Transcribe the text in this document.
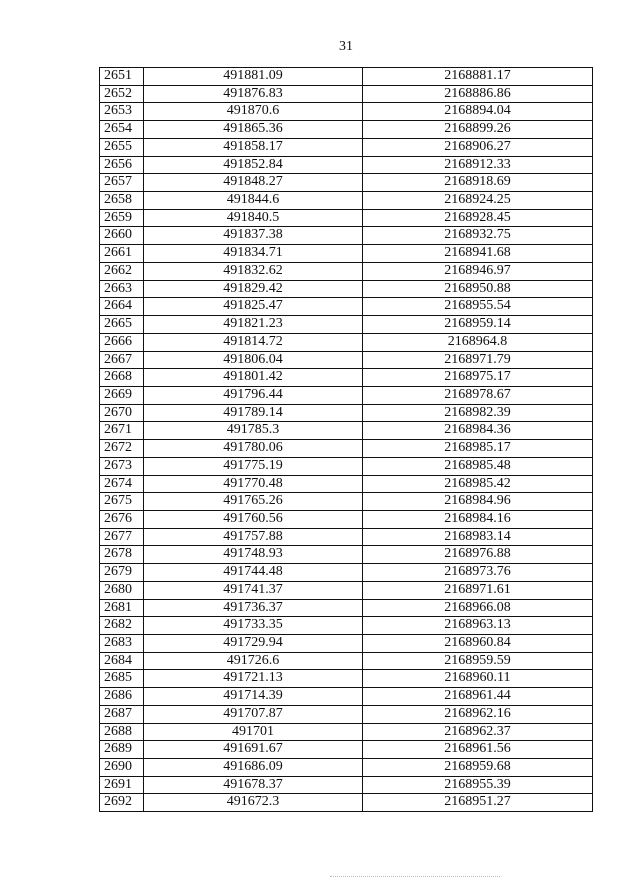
31
2651	491881.09	2168881.17
2652	491876.83	2168886.86
2653	491870.6	2168894.04
2654	491865.36	2168899.26
2655	491858.17	2168906.27
2656	491852.84	2168912.33
2657	491848.27	2168918.69
2658	491844.6	2168924.25
2659	491840.5	2168928.45
2660	491837.38	2168932.75
2661	491834.71	2168941.68
2662	491832.62	2168946.97
2663	491829.42	2168950.88
2664	491825.47	2168955.54
2665	491821.23	2168959.14
2666	491814.72	2168964.8
2667	491806.04	2168971.79
2668	491801.42	2168975.17
2669	491796.44	2168978.67
2670	491789.14	2168982.39
2671	491785.3	2168984.36
2672	491780.06	2168985.17
2673	491775.19	2168985.48
2674	491770.48	2168985.42
2675	491765.26	2168984.96
2676	491760.56	2168984.16
2677	491757.88	2168983.14
2678	491748.93	2168976.88
2679	491744.48	2168973.76
2680	491741.37	2168971.61
2681	491736.37	2168966.08
2682	491733.35	2168963.13
2683	491729.94	2168960.84
2684	491726.6	2168959.59
2685	491721.13	2168960.11
2686	491714.39	2168961.44
2687	491707.87	2168962.16
2688	491701	2168962.37
2689	491691.67	2168961.56
2690	491686.09	2168959.68
2691	491678.37	2168955.39
2692	491672.3	2168951.27
